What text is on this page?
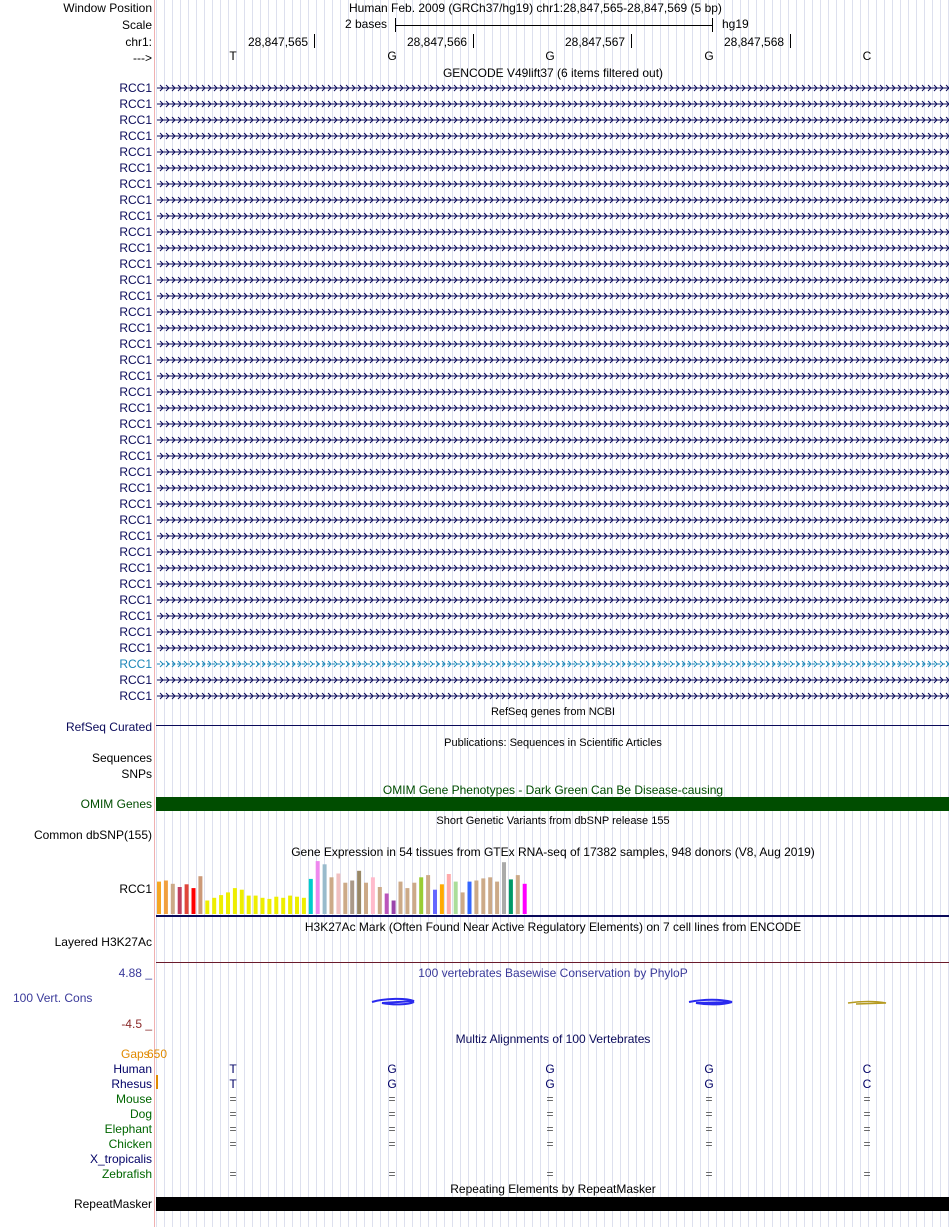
Window Position	Human Feb. 2009 (GRCh37/hg19) chr1:28,847,565-28,847,569 (5 bp)
Scale	2 bases	hg19
chr1:	28,847,565	28,847,566	28,847,567	28,847,568
--->	T	G	G	G	C
GENCODE V49lift37 (6 items filtered out)
RCC1
RCC1
RCC1
RCC1
RCC1
RCC1
RCC1
RCC1
RCC1
RCC1
RCC1
RCC1
RCC1
RCC1
RCC1
RCC1
RCC1
RCC1
RCC1
RCC1
RCC1
RCC1
RCC1
RCC1
RCC1
RCC1
RCC1
RCC1
RCC1
RCC1
RCC1
RCC1
RCC1
RCC1
RCC1
RCC1
RCC1
RCC1
RCC1
RefSeq genes from NCBI
RefSeq Curated
Publications: Sequences in Scientific Articles
Sequences
SNPs
OMIM Gene Phenotypes - Dark Green Can Be Disease-causing
OMIM Genes
Short Genetic Variants from dbSNP release 155
Common dbSNP(155)
Gene Expression in 54 tissues from GTEx RNA-seq of 17382 samples, 948 donors (V8, Aug 2019)
RCC1
H3K27Ac Mark (Often Found Near Active Regulatory Elements) on 7 cell lines from ENCODE
Layered H3K27Ac
100 vertebrates Basewise Conservation by PhyloP
4.88 _
100 Vert. Cons
-4.5 _
Multiz Alignments of 100 Vertebrates
Gaps
650
Human	T	G	G	G	C
Rhesus	T	G	G	G	C
Mouse	=	=	=	=	=
Dog	=	=	=	=	=
Elephant	=	=	=	=	=
Chicken	=	=	=	=	=
X_tropicalis
Zebrafish	=	=	=	=	=
Repeating Elements by RepeatMasker
RepeatMasker
